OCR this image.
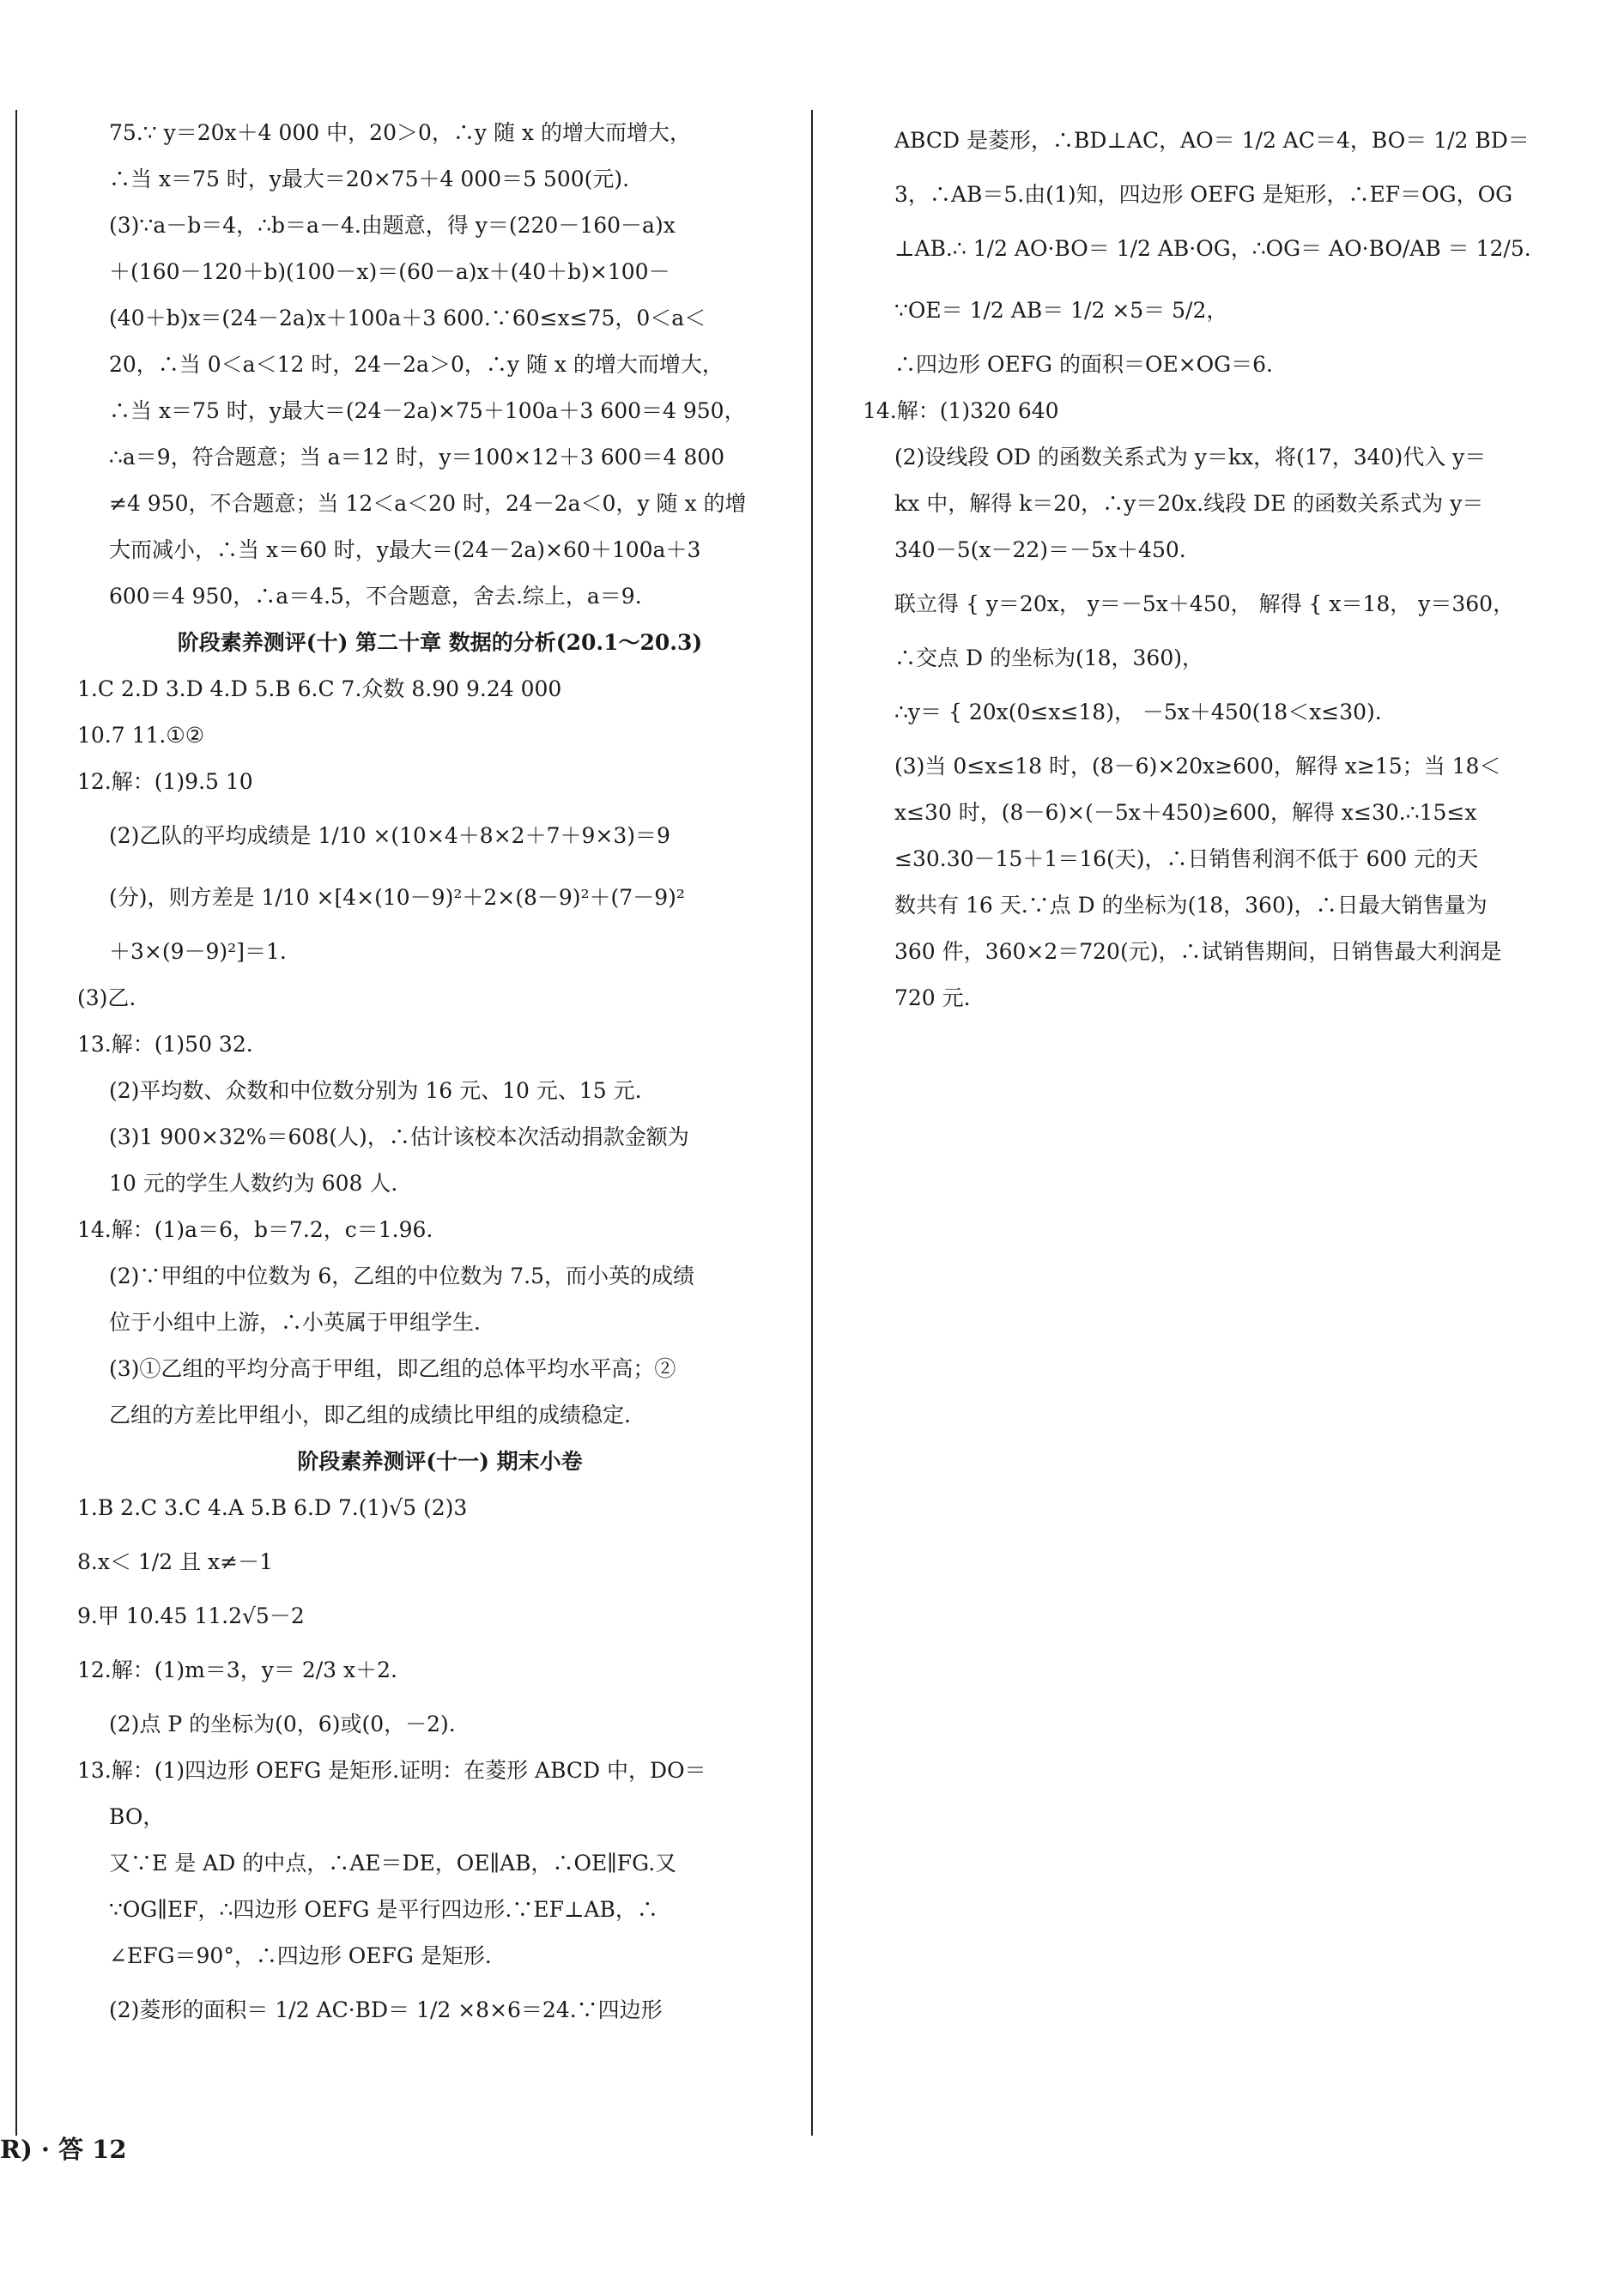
75.∵ y＝20x＋4 000 中，20＞0，∴y 随 x 的增大而增大，
∴当 x＝75 时，y最大＝20×75＋4 000＝5 500(元).
(3)∵a－b＝4，∴b＝a－4.由题意，得 y＝(220－160－a)x
＋(160－120＋b)(100－x)＝(60－a)x＋(40＋b)×100－
(40＋b)x＝(24－2a)x＋100a＋3 600.∵60≤x≤75，0＜a＜
20，∴当 0＜a＜12 时，24－2a＞0，∴y 随 x 的增大而增大，
∴当 x＝75 时，y最大＝(24－2a)×75＋100a＋3 600＝4 950，
∴a＝9，符合题意；当 a＝12 时，y＝100×12＋3 600＝4 800
≠4 950，不合题意；当 12＜a＜20 时，24－2a＜0，y 随 x 的增
大而减小，∴当 x＝60 时，y最大＝(24－2a)×60＋100a＋3
600＝4 950，∴a＝4.5，不合题意，舍去.综上，a＝9.
阶段素养测评(十) 第二十章 数据的分析(20.1～20.3)
1.C 2.D 3.D 4.D 5.B 6.C 7.众数 8.90 9.24 000
10.7 11.①②
12.解：(1)9.5 10
(2)乙队的平均成绩是 1/10 ×(10×4＋8×2＋7＋9×3)＝9
(分)，则方差是 1/10 ×[4×(10－9)²＋2×(8－9)²＋(7－9)²
＋3×(9－9)²]＝1.
(3)乙.
13.解：(1)50 32.
(2)平均数、众数和中位数分别为 16 元、10 元、15 元.
(3)1 900×32%＝608(人)，∴估计该校本次活动捐款金额为
10 元的学生人数约为 608 人.
14.解：(1)a＝6，b＝7.2，c＝1.96.
(2)∵甲组的中位数为 6，乙组的中位数为 7.5，而小英的成绩
位于小组中上游，∴小英属于甲组学生.
(3)①乙组的平均分高于甲组，即乙组的总体平均水平高；②
乙组的方差比甲组小，即乙组的成绩比甲组的成绩稳定.
阶段素养测评(十一) 期末小卷
1.B 2.C 3.C 4.A 5.B 6.D 7.(1)√5 (2)3
8.x＜ 1/2 且 x≠－1
9.甲 10.45 11.2√5－2
12.解：(1)m＝3，y＝ 2/3 x＋2.
(2)点 P 的坐标为(0，6)或(0，－2).
13.解：(1)四边形 OEFG 是矩形.证明：在菱形 ABCD 中，DO＝
BO，
又∵E 是 AD 的中点，∴AE＝DE，OE∥AB，∴OE∥FG.又
∵OG∥EF，∴四边形 OEFG 是平行四边形.∵EF⊥AB，∴
∠EFG＝90°，∴四边形 OEFG 是矩形.
(2)菱形的面积＝ 1/2 AC·BD＝ 1/2 ×8×6＝24.∵四边形
ABCD 是菱形，∴BD⊥AC，AO＝ 1/2 AC＝4，BO＝ 1/2 BD＝
3，∴AB＝5.由(1)知，四边形 OEFG 是矩形，∴EF＝OG，OG
⊥AB.∴ 1/2 AO·BO＝ 1/2 AB·OG，∴OG＝ AO·BO/AB ＝ 12/5.
∵OE＝ 1/2 AB＝ 1/2 ×5＝ 5/2，
∴四边形 OEFG 的面积＝OE×OG＝6.
14.解：(1)320 640
(2)设线段 OD 的函数关系式为 y＝kx，将(17，340)代入 y＝
kx 中，解得 k＝20，∴y＝20x.线段 DE 的函数关系式为 y＝
340－5(x－22)＝－5x＋450.
联立得 { y＝20x， y＝－5x＋450， 解得 { x＝18， y＝360，
∴交点 D 的坐标为(18，360)，
∴y＝ { 20x(0≤x≤18)， －5x＋450(18＜x≤30).
(3)当 0≤x≤18 时，(8－6)×20x≥600，解得 x≥15；当 18＜
x≤30 时，(8－6)×(－5x＋450)≥600，解得 x≤30.∴15≤x
≤30.30－15＋1＝16(天)，∴日销售利润不低于 600 元的天
数共有 16 天.∵点 D 的坐标为(18，360)，∴日最大销售量为
360 件，360×2＝720(元)，∴试销售期间，日销售最大利润是
720 元.
R) · 答 12
